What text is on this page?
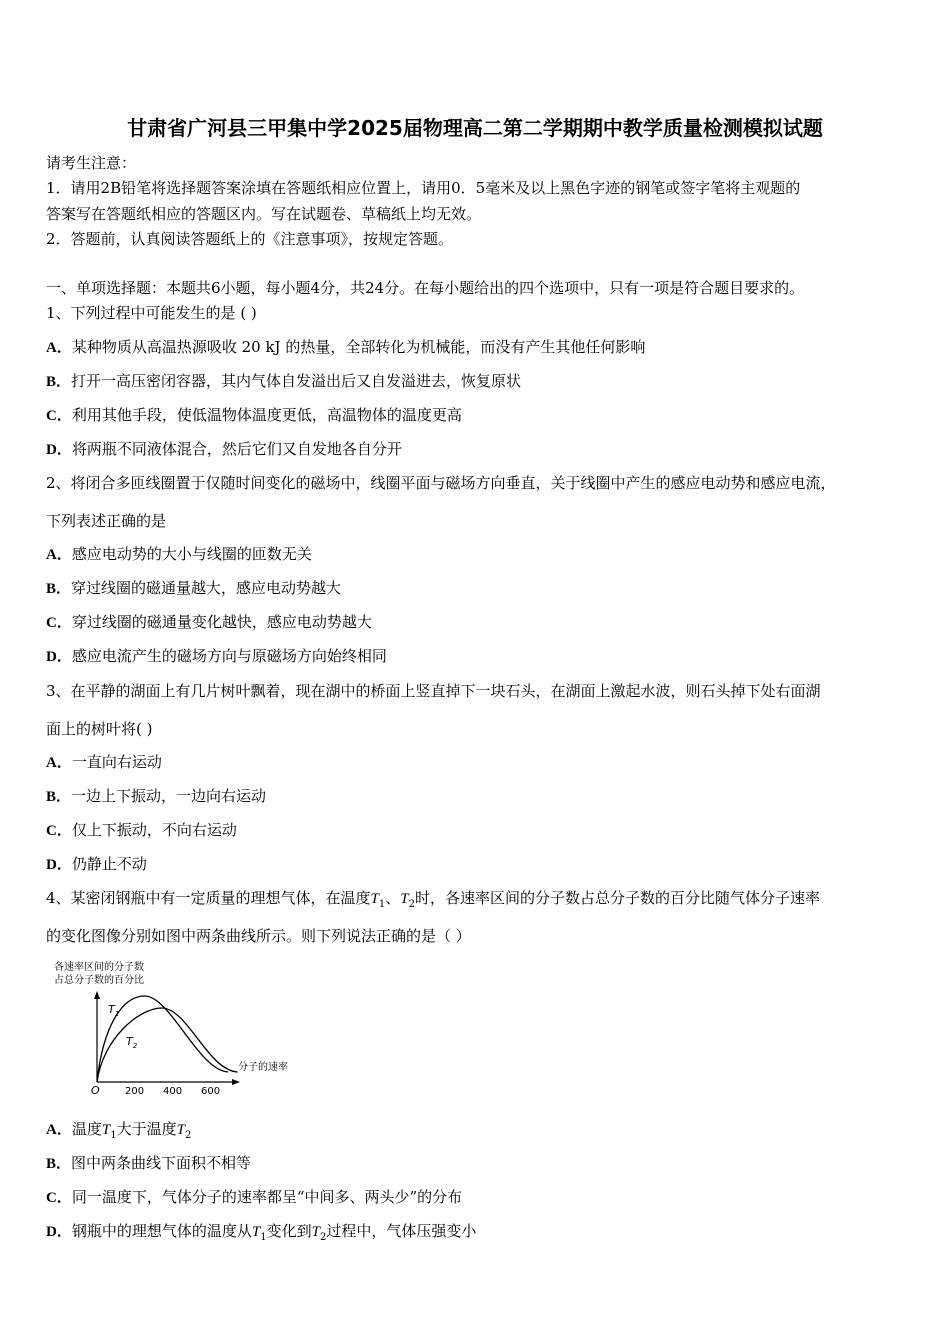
甘肃省广河县三甲集中学2025届物理高二第二学期期中教学质量检测模拟试题
请考生注意：
1．请用2B铅笔将选择题答案涂填在答题纸相应位置上，请用0．5毫米及以上黑色字迹的钢笔或签字笔将主观题的
答案写在答题纸相应的答题区内。写在试题卷、草稿纸上均无效。
2．答题前，认真阅读答题纸上的《注意事项》，按规定答题。
一、单项选择题：本题共6小题，每小题4分，共24分。在每小题给出的四个选项中，只有一项是符合题目要求的。
1、下列过程中可能发生的是 ( )
A．某种物质从高温热源吸收 20 kJ 的热量，全部转化为机械能，而没有产生其他任何影响
B．打开一高压密闭容器，其内气体自发溢出后又自发溢进去，恢复原状
C．利用其他手段，使低温物体温度更低，高温物体的温度更高
D．将两瓶不同液体混合，然后它们又自发地各自分开
2、将闭合多匝线圈置于仅随时间变化的磁场中，线圈平面与磁场方向垂直，关于线圈中产生的感应电动势和感应电流，
下列表述正确的是
A．感应电动势的大小与线圈的匝数无关
B．穿过线圈的磁通量越大，感应电动势越大
C．穿过线圈的磁通量变化越快，感应电动势越大
D．感应电流产生的磁场方向与原磁场方向始终相同
3、在平静的湖面上有几片树叶飘着，现在湖中的桥面上竖直掉下一块石头，在湖面上激起水波，则石头掉下处右面湖
面上的树叶将( )
A．一直向右运动
B．一边上下振动，一边向右运动
C．仅上下振动，不向右运动
D．仍静止不动
4、某密闭钢瓶中有一定质量的理想气体，在温度$T_1$、$T_2$时，各速率区间的分子数占总分子数的百分比随气体分子速率
的变化图像分别如图中两条曲线所示。则下列说法正确的是（ ）
各速率区间的分子数
占总分子数的百分比
分子的速率
O	200 400 600
$T_1$
$T_2$
A．温度$T_1$大于温度$T_2$
B．图中两条曲线下面积不相等
C．同一温度下，气体分子的速率都呈“中间多、两头少”的分布
D．钢瓶中的理想气体的温度从$T_1$变化到$T_2$过程中，气体压强变小
